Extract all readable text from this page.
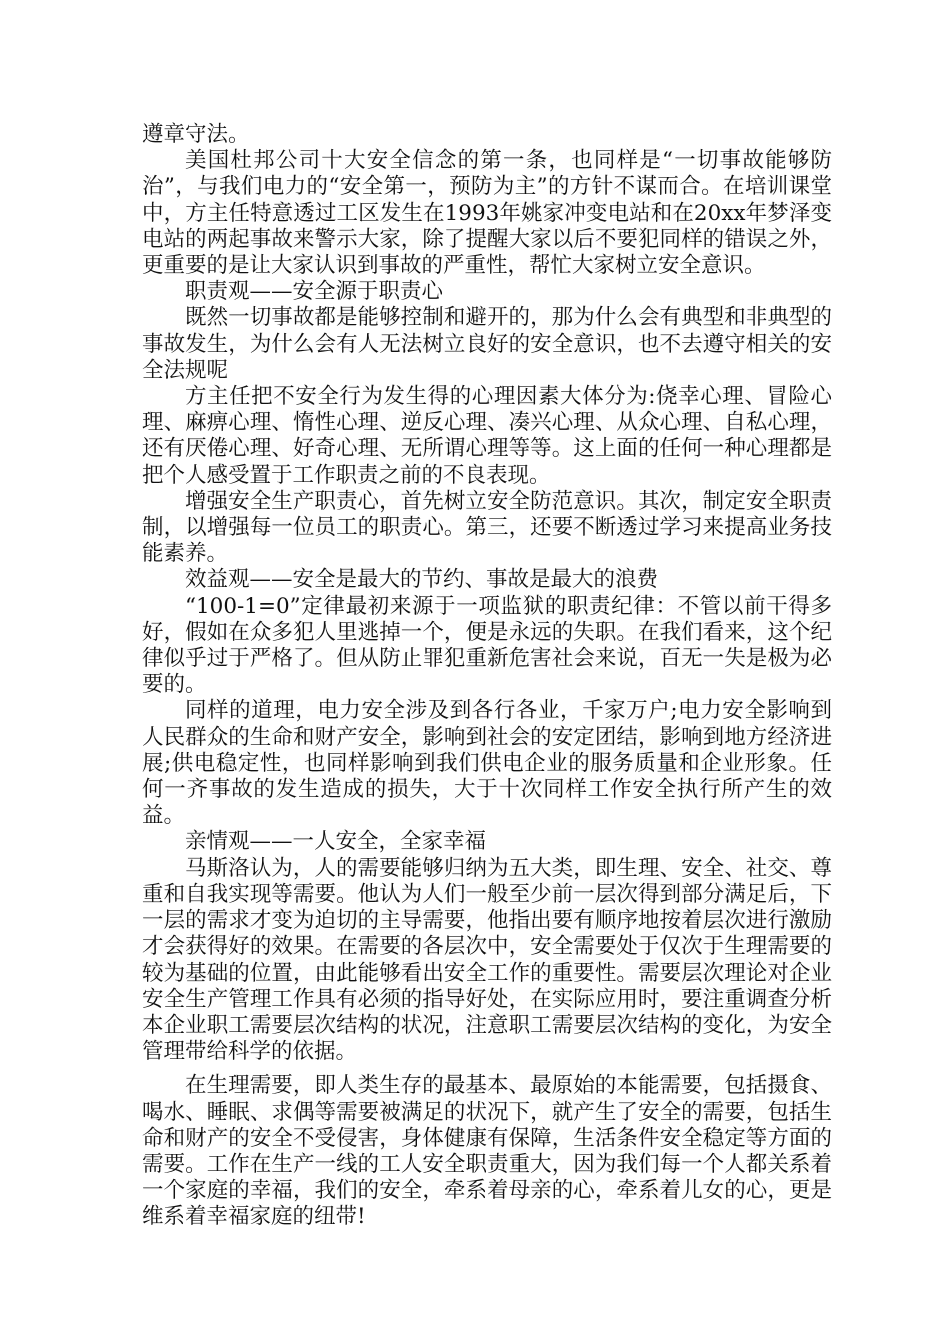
遵章守法。

美国杜邦公司十大安全信念的第一条，也同样是“一切事故能够防治”，与我们电力的“安全第一，预防为主”的方针不谋而合。在培训课堂中，方主任特意透过工区发生在1993年姚家冲变电站和在20xx年梦泽变电站的两起事故来警示大家，除了提醒大家以后不要犯同样的错误之外，更重要的是让大家认识到事故的严重性，帮忙大家树立安全意识。

职责观——安全源于职责心

既然一切事故都是能够控制和避开的，那为什么会有典型和非典型的事故发生，为什么会有人无法树立良好的安全意识，也不去遵守相关的安全法规呢

方主任把不安全行为发生得的心理因素大体分为:侥幸心理、冒险心理、麻痹心理、惰性心理、逆反心理、凑兴心理、从众心理、自私心理，还有厌倦心理、好奇心理、无所谓心理等等。这上面的任何一种心理都是把个人感受置于工作职责之前的不良表现。

增强安全生产职责心，首先树立安全防范意识。其次，制定安全职责制，以增强每一位员工的职责心。第三，还要不断透过学习来提高业务技能素养。

效益观——安全是最大的节约、事故是最大的浪费

“100-1=0”定律最初来源于一项监狱的职责纪律：不管以前干得多好，假如在众多犯人里逃掉一个，便是永远的失职。在我们看来，这个纪律似乎过于严格了。但从防止罪犯重新危害社会来说，百无一失是极为必要的。

同样的道理，电力安全涉及到各行各业，千家万户;电力安全影响到人民群众的生命和财产安全，影响到社会的安定团结，影响到地方经济进展;供电稳定性，也同样影响到我们供电企业的服务质量和企业形象。任何一齐事故的发生造成的损失，大于十次同样工作安全执行所产生的效益。

亲情观——一人安全，全家幸福

马斯洛认为，人的需要能够归纳为五大类，即生理、安全、社交、尊重和自我实现等需要。他认为人们一般至少前一层次得到部分满足后，下一层的需求才变为迫切的主导需要，他指出要有顺序地按着层次进行激励才会获得好的效果。在需要的各层次中，安全需要处于仅次于生理需要的较为基础的位置，由此能够看出安全工作的重要性。需要层次理论对企业安全生产管理工作具有必须的指导好处，在实际应用时，要注重调查分析本企业职工需要层次结构的状况，注意职工需要层次结构的变化，为安全管理带给科学的依据。

在生理需要，即人类生存的最基本、最原始的本能需要，包括摄食、喝水、睡眠、求偶等需要被满足的状况下，就产生了安全的需要，包括生命和财产的安全不受侵害，身体健康有保障，生活条件安全稳定等方面的需要。工作在生产一线的工人安全职责重大，因为我们每一个人都关系着一个家庭的幸福，我们的安全，牵系着母亲的心，牵系着儿女的心，更是维系着幸福家庭的纽带!
